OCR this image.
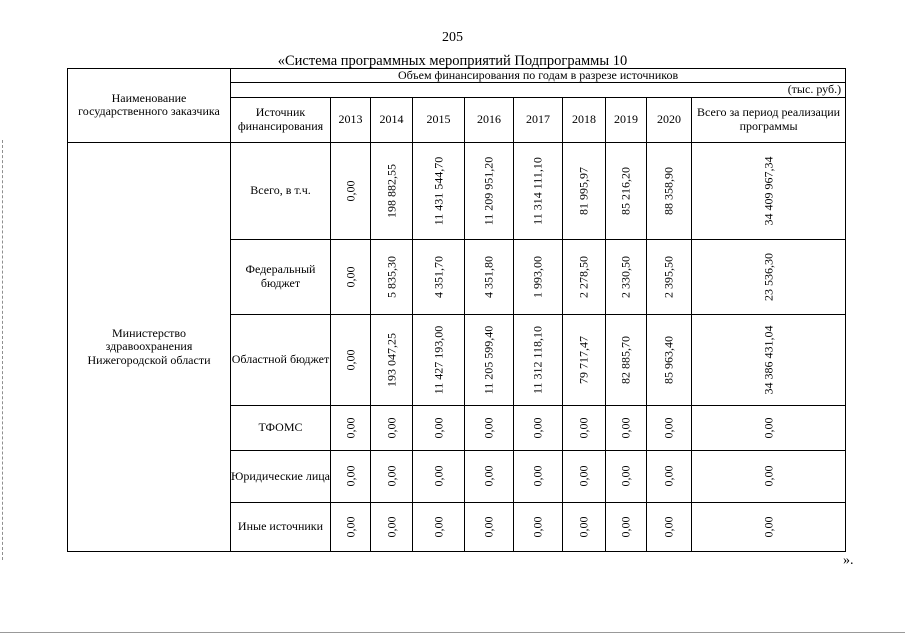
205
«Система программных мероприятий Подпрограммы 10
Наименование государственного заказчика	Объем финансирования по годам в разрезе источников									
	(тыс. руб.)									
	Источник финансирования	2013	2014	2015	2016	2017	2018	2019	2020	Всего за период реализации программы
Министерство здравоохранения Нижегородской области	Всего, в т.ч.	0,00	198 882,55	11 431 544,70	11 209 951,20	11 314 111,10	81 995,97	85 216,20	88 358,90	34 409 967,34

	Федеральный бюджет	0,00	5 835,30	4 351,70	4 351,80	1 993,00	2 278,50	2 330,50	2 395,50	23 536,30

	Областной бюджет	0,00	193 047,25	11 427 193,00	11 205 599,40	11 312 118,10	79 717,47	82 885,70	85 963,40	34 386 431,04

	ТФОМС	0,00	0,00	0,00	0,00	0,00	0,00	0,00	0,00	0,00

	Юридические лица	0,00	0,00	0,00	0,00	0,00	0,00	0,00	0,00	0,00

	Иные источники	0,00	0,00	0,00	0,00	0,00	0,00	0,00	0,00	0,00
».
